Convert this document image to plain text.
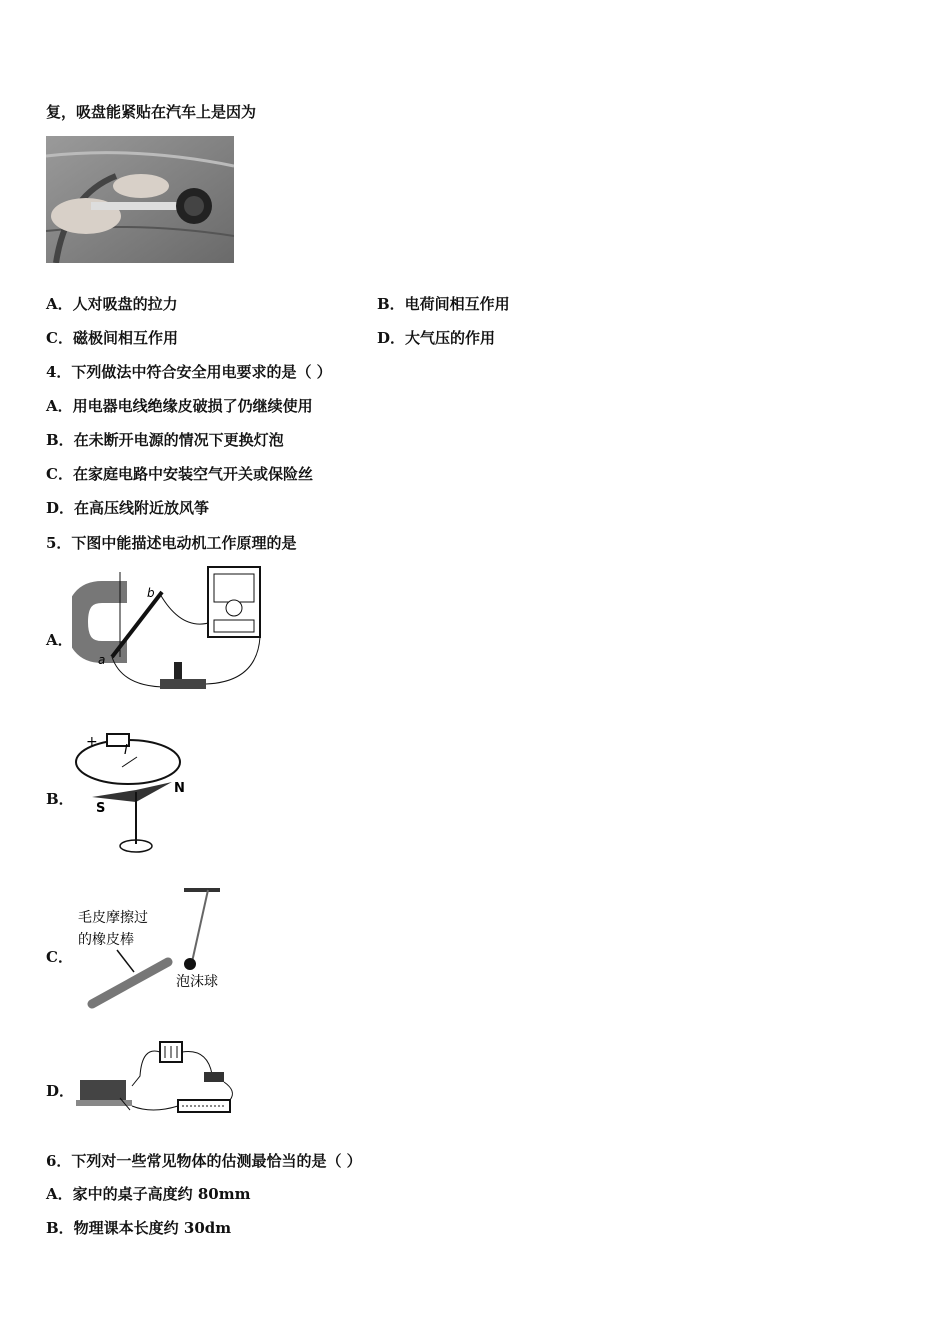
复，吸盘能紧贴在汽车上是因为
A．人对吸盘的拉力	B．电荷间相互作用
C．磁极间相互作用	D．大气压的作用
4．下列做法中符合安全用电要求的是（ ）
A．用电器电线绝缘皮破损了仍继续使用
B．在未断开电源的情况下更换灯泡
C．在家庭电路中安装空气开关或保险丝
D．在高压线附近放风筝
5．下图中能描述电动机工作原理的是
A．
b
a
B．
+
I
S
N
C．
毛皮摩擦过
的橡皮棒
泡沫球
D．
6．下列对一些常见物体的估测最恰当的是（ ）
A．家中的桌子高度约 80mm
B．物理课本长度约 30dm
